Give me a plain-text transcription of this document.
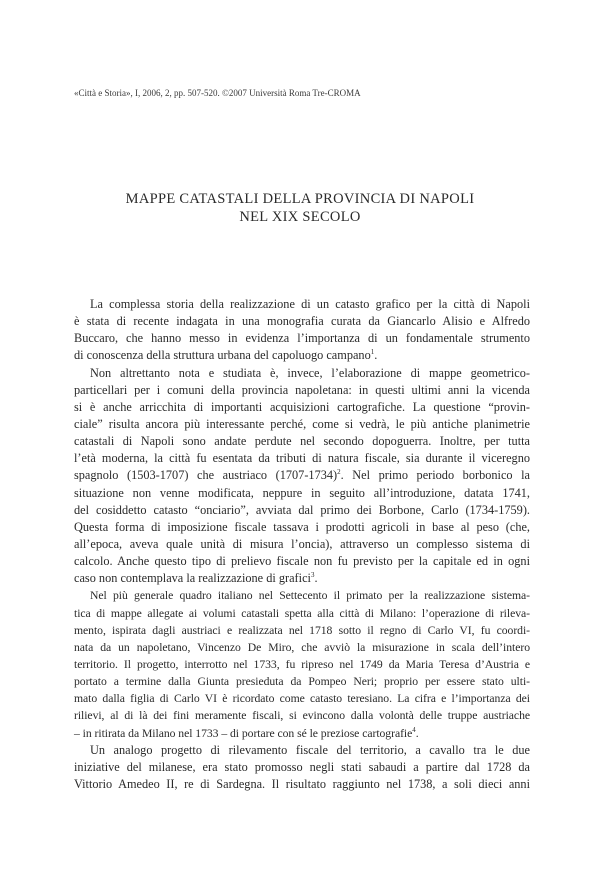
«Città e Storia», I, 2006, 2, pp. 507-520. ©2007 Università Roma Tre-CROMA
MAPPE CATASTALI DELLA PROVINCIA DI NAPOLI
NEL XIX SECOLO
La complessa storia della realizzazione di un catasto grafico per la città di Napoli
è stata di recente indagata in una monografia curata da Giancarlo Alisio e Alfredo
Buccaro, che hanno messo in evidenza l’importanza di un fondamentale strumento
di conoscenza della struttura urbana del capoluogo campano$^1$.
Non altrettanto nota e studiata è, invece, l’elaborazione di mappe geometrico-
particellari per i comuni della provincia napoletana: in questi ultimi anni la vicenda
si è anche arricchita di importanti acquisizioni cartografiche. La questione “provin-
ciale” risulta ancora più interessante perché, come si vedrà, le più antiche planimetrie
catastali di Napoli sono andate perdute nel secondo dopoguerra. Inoltre, per tutta
l’età moderna, la città fu esentata da tributi di natura fiscale, sia durante il viceregno
spagnolo (1503-1707) che austriaco (1707-1734)$^2$. Nel primo periodo borbonico la
situazione non venne modificata, neppure in seguito all’introduzione, datata 1741,
del cosiddetto catasto “onciario”, avviata dal primo dei Borbone, Carlo (1734-1759).
Questa forma di imposizione fiscale tassava i prodotti agricoli in base al peso (che,
all’epoca, aveva quale unità di misura l’oncia), attraverso un complesso sistema di
calcolo. Anche questo tipo di prelievo fiscale non fu previsto per la capitale ed in ogni
caso non contemplava la realizzazione di grafici$^3$.
Nel più generale quadro italiano nel Settecento il primato per la realizzazione sistema-
tica di mappe allegate ai volumi catastali spetta alla città di Milano: l’operazione di rileva-
mento, ispirata dagli austriaci e realizzata nel 1718 sotto il regno di Carlo VI, fu coordi-
nata da un napoletano, Vincenzo De Miro, che avviò la misurazione in scala dell’intero
territorio. Il progetto, interrotto nel 1733, fu ripreso nel 1749 da Maria Teresa d’Austria e
portato a termine dalla Giunta presieduta da Pompeo Neri; proprio per essere stato ulti-
mato dalla figlia di Carlo VI è ricordato come catasto teresiano. La cifra e l’importanza dei
rilievi, al di là dei fini meramente fiscali, si evincono dalla volontà delle truppe austriache
– in ritirata da Milano nel 1733 – di portare con sé le preziose cartografie$^4$.
Un analogo progetto di rilevamento fiscale del territorio, a cavallo tra le due
iniziative del milanese, era stato promosso negli stati sabaudi a partire dal 1728 da
Vittorio Amedeo II, re di Sardegna. Il risultato raggiunto nel 1738, a soli dieci anni
